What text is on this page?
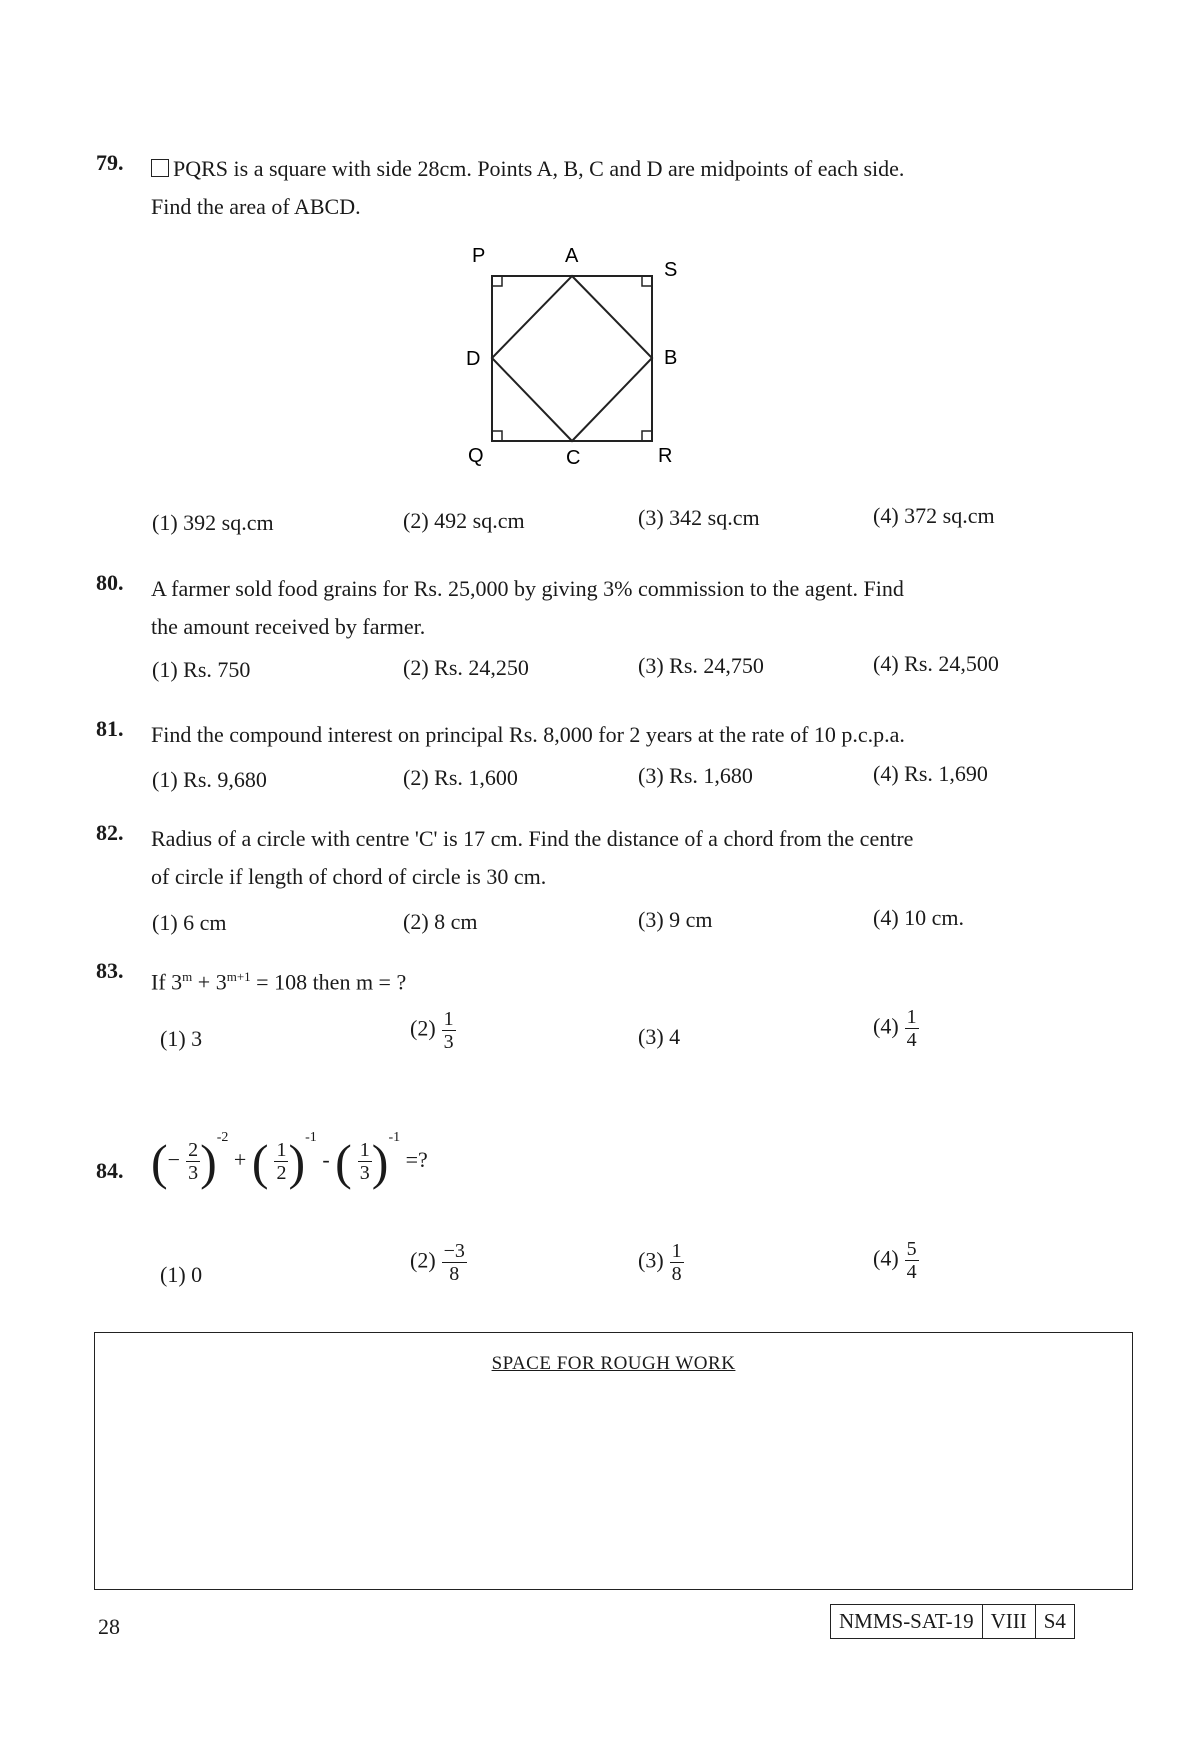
79.	PQRS is a square with side 28cm. Points A, B, C and D are midpoints of each side.
Find the area of ABCD.
P	A
S
D	B
Q	C	R
(1) 392 sq.cm	(2) 492 sq.cm	(3) 342 sq.cm	(4) 372 sq.cm
80. A farmer sold food grains for Rs. 25,000 by giving 3% commission to the agent. Find
the amount received by farmer.
(1) Rs. 750	(2) Rs. 24,250	(3) Rs. 24,750	(4) Rs. 24,500
81. Find the compound interest on principal Rs. 8,000 for 2 years at the rate of 10 p.c.p.a.
(1) Rs. 9,680	(2) Rs. 1,600	(3) Rs. 1,680	(4) Rs. 1,690
82. Radius of a circle with centre 'C' is 17 cm. Find the distance of a chord from the centre
of circle if length of chord of circle is 30 cm.
(1) 6 cm	(2) 8 cm	(3) 9 cm	(4) 10 cm.
83. If $3^m + 3^{m+1} = 108$ then m = ?
(1) 3	$(2) \frac{1}{3}$	(3) 4	$(4) \frac{1}{4}$
84. (− $\frac{2}{3} )^{-2}$ + ( $\frac{1}{2} )^{-1}$ - ( $\frac{1}{3} )^{-1}$ =?
(1) 0
$(2) \frac{-3}{8}$	$(3) \frac{1}{8}$	$(4) \frac{5}{4}$
SPACE FOR ROUGH WORK
28	NMMS-SAT-19 VIII S4
